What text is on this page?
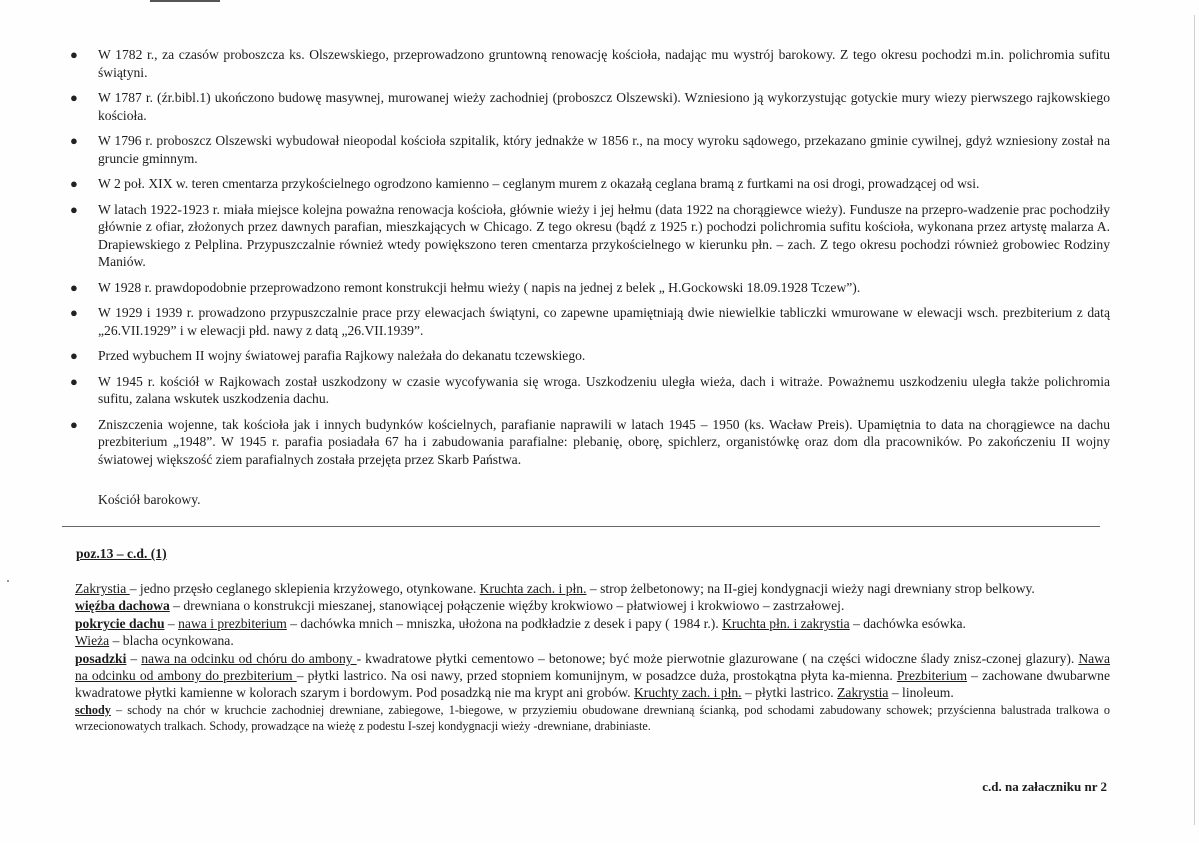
●	W 1782 r., za czasów proboszcza ks. Olszewskiego, przeprowadzono gruntowną renowację kościoła, nadając mu wystrój barokowy. Z tego okresu pochodzi m.in. polichromia sufitu świątyni.
●	W 1787 r. (źr.bibl.1) ukończono budowę masywnej, murowanej wieży zachodniej (proboszcz Olszewski). Wzniesiono ją wykorzystując gotyckie mury wiezy pierwszego rajkowskiego kościoła.
●	W 1796 r. proboszcz Olszewski wybudował nieopodal kościoła szpitalik, który jednakże w 1856 r., na mocy wyroku sądowego, przekazano gminie cywilnej, gdyż wzniesiony został na gruncie gminnym.
●	W 2 poł. XIX w. teren cmentarza przykościelnego ogrodzono kamienno – ceglanym murem z okazałą ceglana bramą z furtkami na osi drogi, prowadzącej od wsi.
●	W latach 1922-1923 r. miała miejsce kolejna poważna renowacja kościoła, głównie wieży i jej hełmu (data 1922 na chorągiewce wieży). Fundusze na przepro-wadzenie prac pochodziły głównie z ofiar, złożonych przez dawnych parafian, mieszkających w Chicago. Z tego okresu (bądź z 1925 r.) pochodzi polichromia sufitu kościoła, wykonana przez artystę malarza A. Drapiewskiego z Pelplina. Przypuszczalnie również wtedy powiększono teren cmentarza przykościelnego w kierunku płn. – zach. Z tego okresu pochodzi również grobowiec Rodziny Maniów.
●	W 1928 r. prawdopodobnie przeprowadzono remont konstrukcji hełmu wieży ( napis na jednej z belek „ H.Gockowski 18.09.1928 Tczew”).
●	W 1929 i 1939 r. prowadzono przypuszczalnie prace przy elewacjach świątyni, co zapewne upamiętniają dwie niewielkie tabliczki wmurowane w elewacji wsch. prezbiterium z datą „26.VII.1929” i w elewacji płd. nawy z datą „26.VII.1939”.
●	Przed wybuchem II wojny światowej parafia Rajkowy należała do dekanatu tczewskiego.
●	W 1945 r. kościół w Rajkowach został uszkodzony w czasie wycofywania się wroga. Uszkodzeniu uległa wieża, dach i witraże. Poważnemu uszkodzeniu uległa także polichromia sufitu, zalana wskutek uszkodzenia dachu.
●	Zniszczenia wojenne, tak kościoła jak i innych budynków kościelnych, parafianie naprawili w latach 1945 – 1950 (ks. Wacław Preis). Upamiętnia to data na chorągiewce na dachu prezbiterium „1948”. W 1945 r. parafia posiadała 67 ha i zabudowania parafialne: plebanię, oborę, spichlerz, organistówkę oraz dom dla pracowników. Po zakończeniu II wojny światowej większość ziem parafialnych została przejęta przez Skarb Państwa.
Kościół barokowy.
poz.13 – c.d. (1)

Zakrystia – jedno przęsło ceglanego sklepienia krzyżowego, otynkowane. Kruchta zach. i płn. – strop żelbetonowy; na II-giej kondygnacji wieży nagi drewniany strop belkowy.

więźba dachowa – drewniana o konstrukcji mieszanej, stanowiącej połączenie więźby krokwiowo – płatwiowej i krokwiowo – zastrzałowej.

pokrycie dachu – nawa i prezbiterium – dachówka mnich – mniszka, ułożona na podkładzie z desek i papy ( 1984 r.). Kruchta płn. i zakrystia – dachówka esówka.
Wieża – blacha ocynkowana.

posadzki – nawa na odcinku od chóru do ambony - kwadratowe płytki cementowo – betonowe; być może pierwotnie glazurowane ( na części widoczne ślady znisz-czonej glazury). Nawa na odcinku od ambony do prezbiterium – płytki lastrico. Na osi nawy, przed stopniem komunijnym, w posadzce duża, prostokątna płyta ka-mienna. Prezbiterium – zachowane dwubarwne kwadratowe płytki kamienne w kolorach szarym i bordowym. Pod posadzką nie ma krypt ani grobów. Kruchty zach. i płn. – płytki lastrico. Zakrystia – linoleum.

schody – schody na chór w kruchcie zachodniej drewniane, zabiegowe, 1-biegowe, w przyziemiu obudowane drewnianą ścianką, pod schodami zabudowany schowek; przyścienna balustrada tralkowa o wrzecionowatych tralkach. Schody, prowadzące na wieżę z podestu I-szej kondygnacji wieży -drewniane, drabiniaste.

c.d. na załaczniku nr 2
